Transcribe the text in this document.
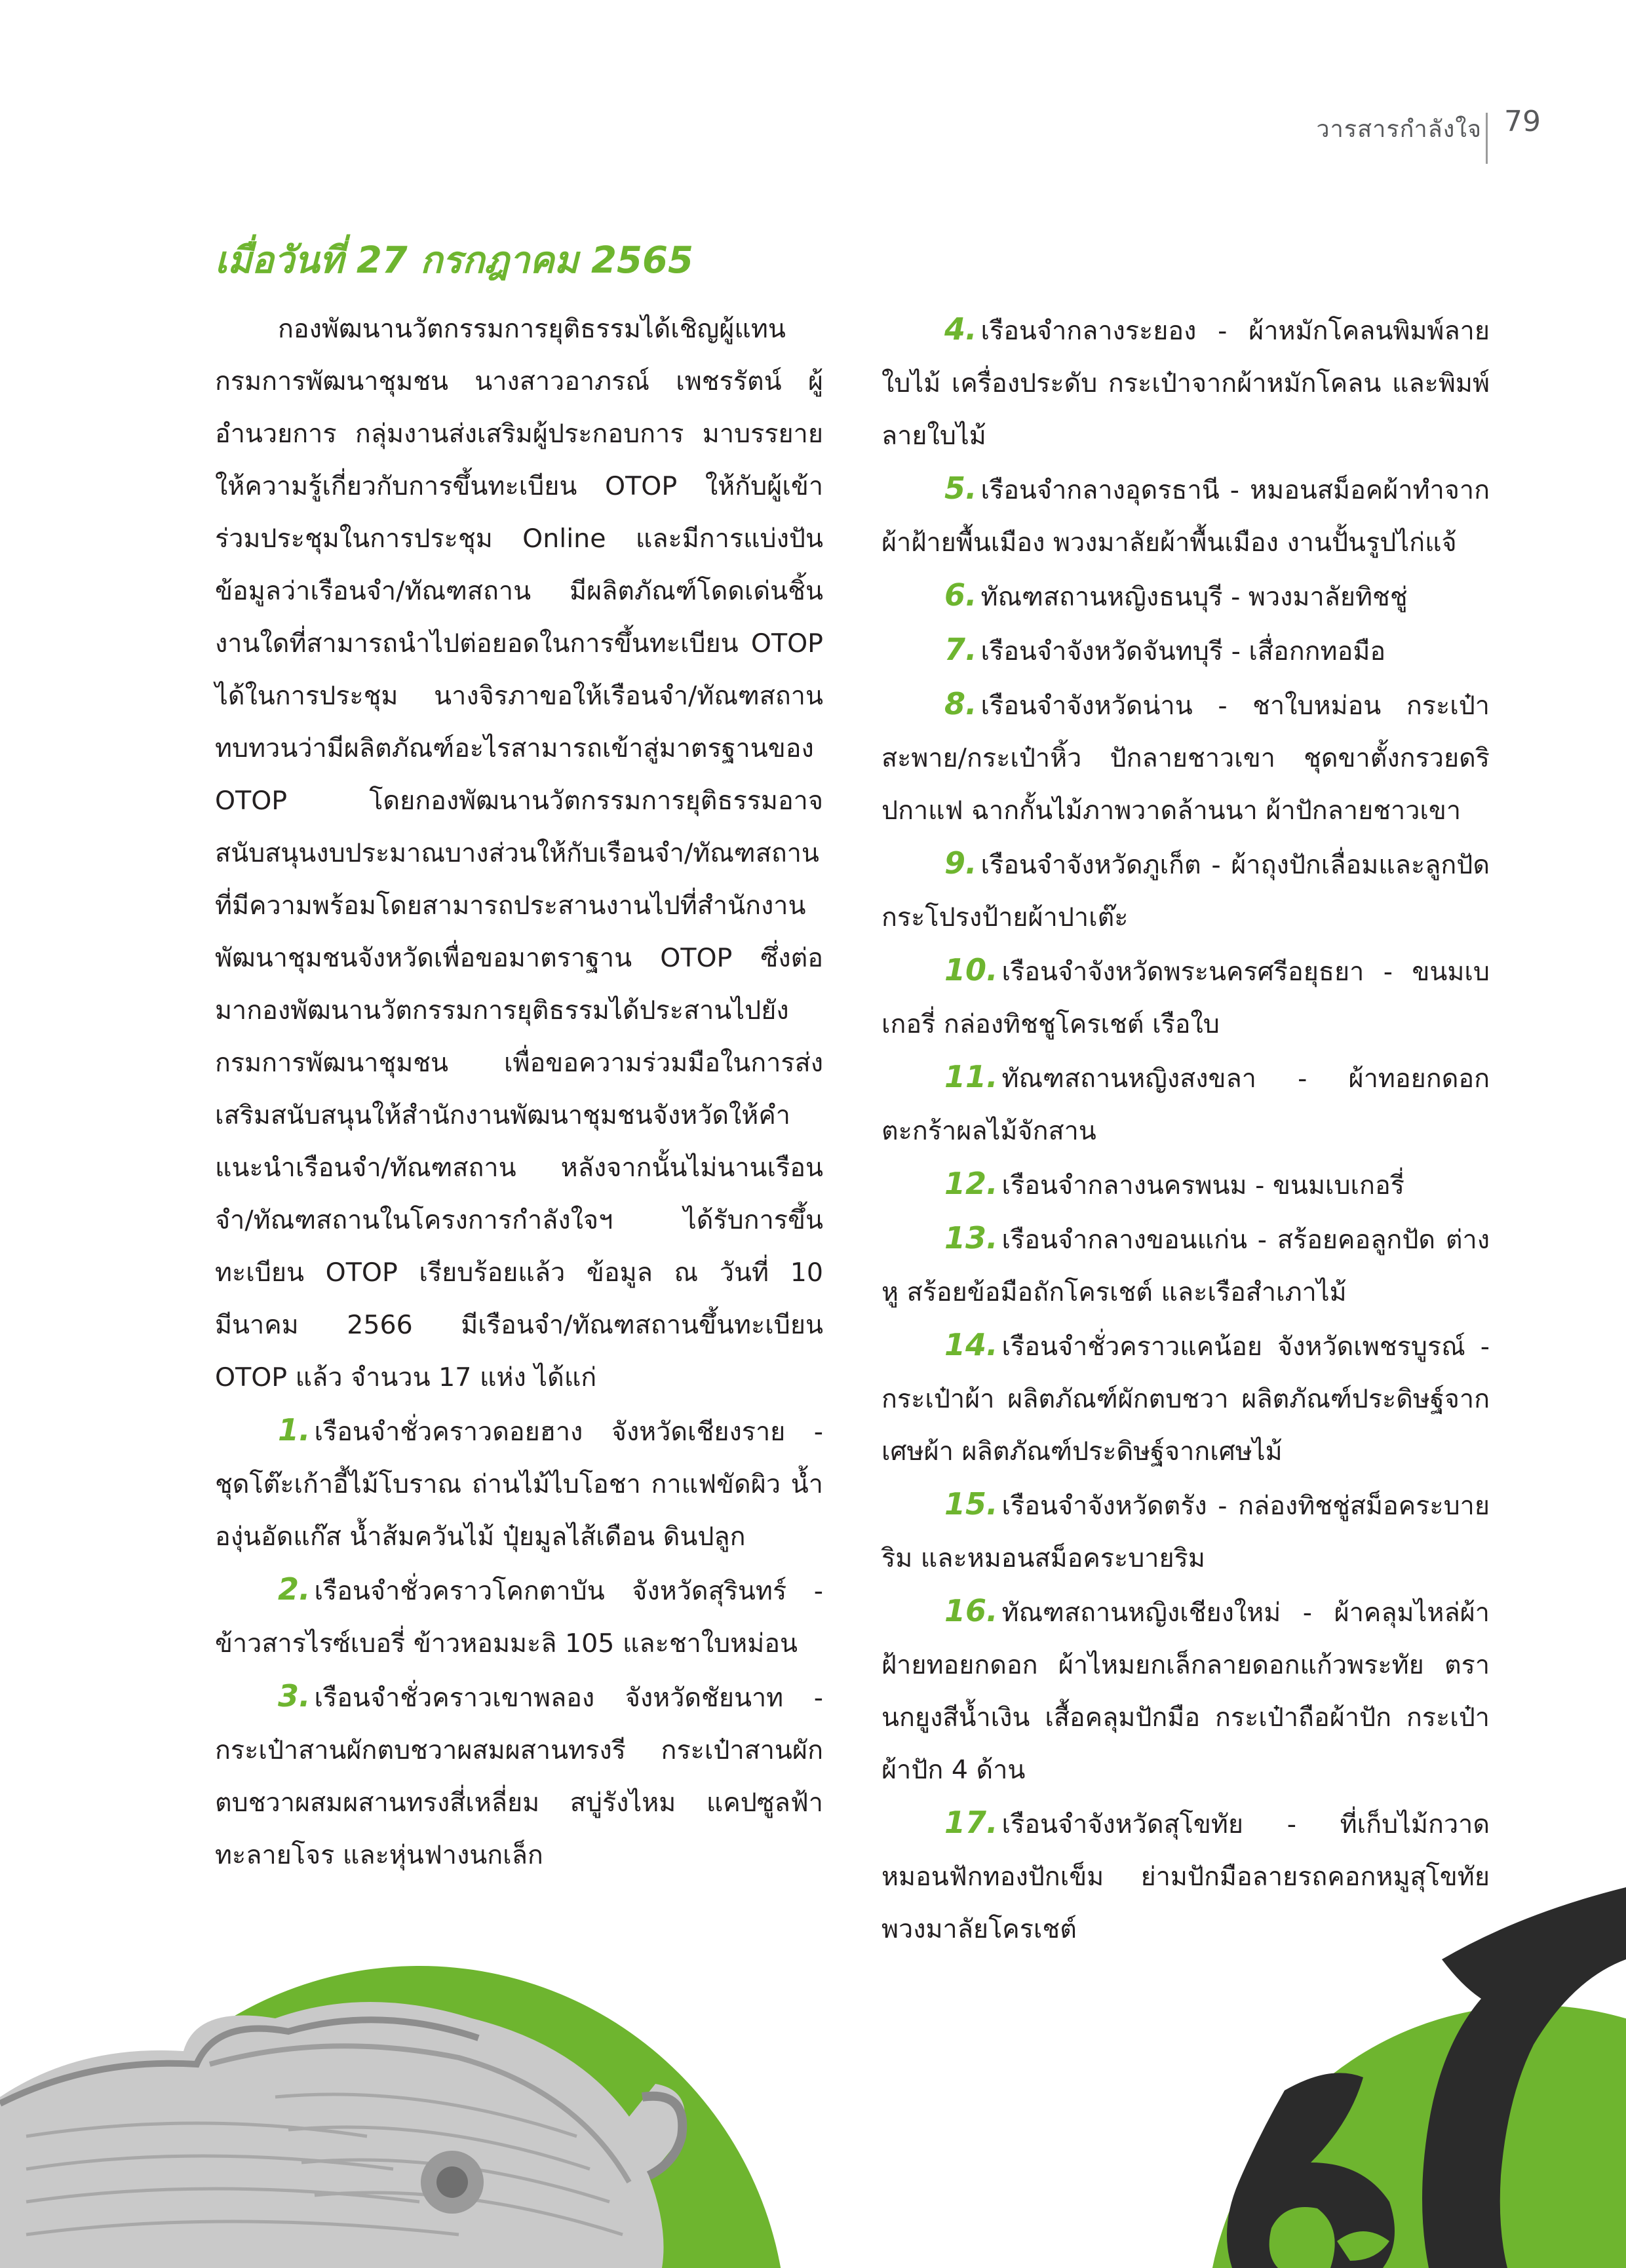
วารสารกำลังใจ 79
เมื่อวันที่ 27 กรกฎาคม 2565

กองพัฒนานวัตกรรมการยุติธรรมได้เชิญผู้แทนกรมการพัฒนาชุมชน นางสาวอาภรณ์ เพชรรัตน์ ผู้อำนวยการ กลุ่มงานส่งเสริมผู้ประกอบการ มาบรรยายให้ความรู้เกี่ยวกับการขึ้นทะเบียน OTOP ให้กับผู้เข้าร่วมประชุมในการประชุม Online และมีการแบ่งปันข้อมูลว่าเรือนจำ/ทัณฑสถาน มีผลิตภัณฑ์โดดเด่นชิ้นงานใดที่สามารถนำไปต่อยอดในการขึ้นทะเบียน OTOP ได้ในการประชุม นางจิรภาขอให้เรือนจำ/ทัณฑสถานทบทวนว่ามีผลิตภัณฑ์อะไรสามารถเข้าสู่มาตรฐานของ OTOP โดยกองพัฒนานวัตกรรมการยุติธรรมอาจสนับสนุนงบประมาณบางส่วนให้กับเรือนจำ/ทัณฑสถานที่มีความพร้อมโดยสามารถประสานงานไปที่สำนักงานพัฒนาชุมชนจังหวัดเพื่อขอมาตราฐาน OTOP ซึ่งต่อมากองพัฒนานวัตกรรมการยุติธรรมได้ประสานไปยังกรมการพัฒนาชุมชน เพื่อขอความร่วมมือในการส่งเสริมสนับสนุนให้สำนักงานพัฒนาชุมชนจังหวัดให้คำแนะนำเรือนจำ/ทัณฑสถาน หลังจากนั้นไม่นานเรือนจำ/ทัณฑสถานในโครงการกำลังใจฯ ได้รับการขึ้นทะเบียน OTOP เรียบร้อยแล้ว ข้อมูล ณ วันที่ 10 มีนาคม 2566 มีเรือนจำ/ทัณฑสถานขึ้นทะเบียน OTOP แล้ว จำนวน 17 แห่ง ได้แก่

1. เรือนจำชั่วคราวดอยฮาง จังหวัดเชียงราย - ชุดโต๊ะเก้าอี้ไม้โบราณ ถ่านไม้ไบโอชา กาแฟขัดผิว น้ำองุ่นอัดแก๊ส น้ำส้มควันไม้ ปุ๋ยมูลไส้เดือน ดินปลูก

2. เรือนจำชั่วคราวโคกตาบัน จังหวัดสุรินทร์ - ข้าวสารไรซ์เบอรี่ ข้าวหอมมะลิ 105 และชาใบหม่อน

3. เรือนจำชั่วคราวเขาพลอง จังหวัดชัยนาท - กระเป๋าสานผักตบชวาผสมผสานทรงรี กระเป๋าสานผักตบชวาผสมผสานทรงสี่เหลี่ยม สบู่รังไหม แคปซูลฟ้าทะลายโจร และหุ่นฟางนกเล็ก

4. เรือนจำกลางระยอง - ผ้าหมักโคลนพิมพ์ลายใบไม้ เครื่องประดับ กระเป๋าจากผ้าหมักโคลน และพิมพ์ลายใบไม้

5. เรือนจำกลางอุดรธานี - หมอนสม็อคผ้าทำจากผ้าฝ้ายพื้นเมือง พวงมาลัยผ้าพื้นเมือง งานปั้นรูปไก่แจ้

6. ทัณฑสถานหญิงธนบุรี - พวงมาลัยทิชชู่

7. เรือนจำจังหวัดจันทบุรี - เสื่อกกทอมือ

8. เรือนจำจังหวัดน่าน - ชาใบหม่อน กระเป๋าสะพาย/กระเป๋าหิ้ว ปักลายชาวเขา ชุดขาตั้งกรวยดริปกาแฟ ฉากกั้นไม้ภาพวาดล้านนา ผ้าปักลายชาวเขา

9. เรือนจำจังหวัดภูเก็ต - ผ้าถุงปักเลื่อมและลูกปัดกระโปรงป้ายผ้าปาเต๊ะ

10. เรือนจำจังหวัดพระนครศรีอยุธยา - ขนมเบเกอรี่ กล่องทิชชูโครเชต์ เรือใบ

11. ทัณฑสถานหญิงสงขลา - ผ้าทอยกดอก ตะกร้าผลไม้จักสาน

12. เรือนจำกลางนครพนม - ขนมเบเกอรี่

13. เรือนจำกลางขอนแก่น - สร้อยคอลูกปัด ต่างหู สร้อยข้อมือถักโครเชต์ และเรือสำเภาไม้

14. เรือนจำชั่วคราวแคน้อย จังหวัดเพชรบูรณ์ - กระเป๋าผ้า ผลิตภัณฑ์ผักตบชวา ผลิตภัณฑ์ประดิษฐ์จากเศษผ้า ผลิตภัณฑ์ประดิษฐ์จากเศษไม้

15. เรือนจำจังหวัดตรัง - กล่องทิชชู่สม็อคระบายริม และหมอนสม็อคระบายริม

16. ทัณฑสถานหญิงเชียงใหม่ - ผ้าคลุมไหล่ผ้าฝ้ายทอยกดอก ผ้าไหมยกเล็กลายดอกแก้วพระทัย ตรานกยูงสีน้ำเงิน เสื้อคลุมปักมือ กระเป๋าถือผ้าปัก กระเป๋าผ้าปัก 4 ด้าน

17. เรือนจำจังหวัดสุโขทัย - ที่เก็บไม้กวาด หมอนฟักทองปักเข็ม ย่ามปักมือลายรถคอกหมูสุโขทัย พวงมาลัยโครเชต์
